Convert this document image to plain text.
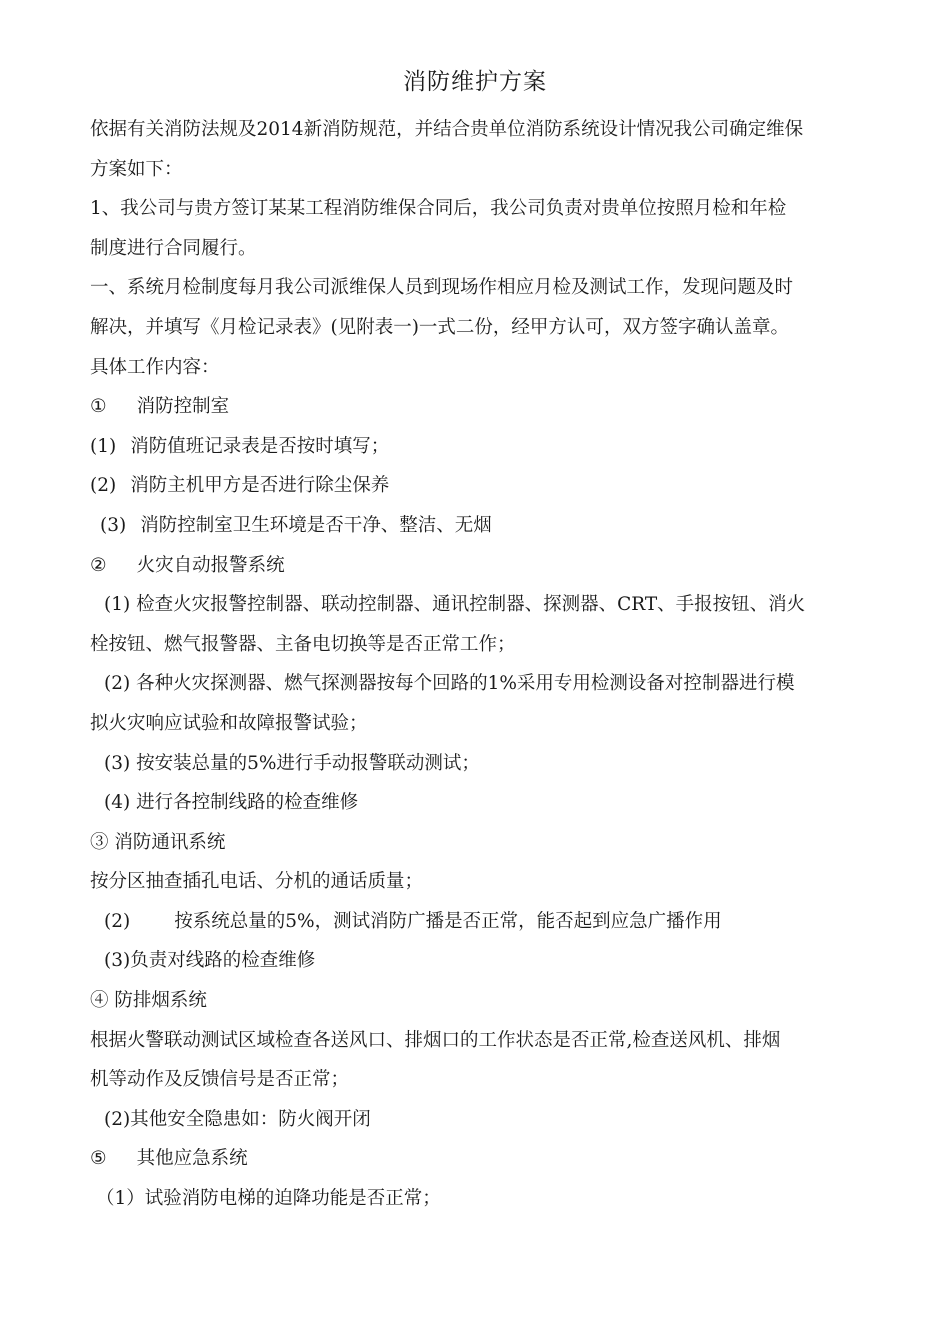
消防维护方案
依据有关消防法规及2014新消防规范，并结合贵单位消防系统设计情况我公司确定维保
方案如下：
1、我公司与贵方签订某某工程消防维保合同后，我公司负责对贵单位按照月检和年检
制度进行合同履行。
一、系统月检制度每月我公司派维保人员到现场作相应月检及测试工作，发现问题及时
解决，并填写《月检记录表》(见附表一)一式二份，经甲方认可，双方签字确认盖章。
具体工作内容：
① 消防控制室
(1) 消防值班记录表是否按时填写；
(2) 消防主机甲方是否进行除尘保养
(3) 消防控制室卫生环境是否干净、整洁、无烟
② 火灾自动报警系统
(1) 检查火灾报警控制器、联动控制器、通讯控制器、探测器、CRT、手报按钮、消火
栓按钮、燃气报警器、主备电切换等是否正常工作；
(2) 各种火灾探测器、燃气探测器按每个回路的1%采用专用检测设备对控制器进行模
拟火灾响应试验和故障报警试验；
(3) 按安装总量的5%进行手动报警联动测试；
(4) 进行各控制线路的检查维修
③ 消防通讯系统
按分区抽查插孔电话、分机的通话质量；
(2) 按系统总量的5%，测试消防广播是否正常，能否起到应急广播作用
(3)负责对线路的检查维修
④ 防排烟系统
根据火警联动测试区域检查各送风口、排烟口的工作状态是否正常,检查送风机、排烟
机等动作及反馈信号是否正常；
(2)其他安全隐患如：防火阀开闭
⑤ 其他应急系统
（1）试验消防电梯的迫降功能是否正常；
